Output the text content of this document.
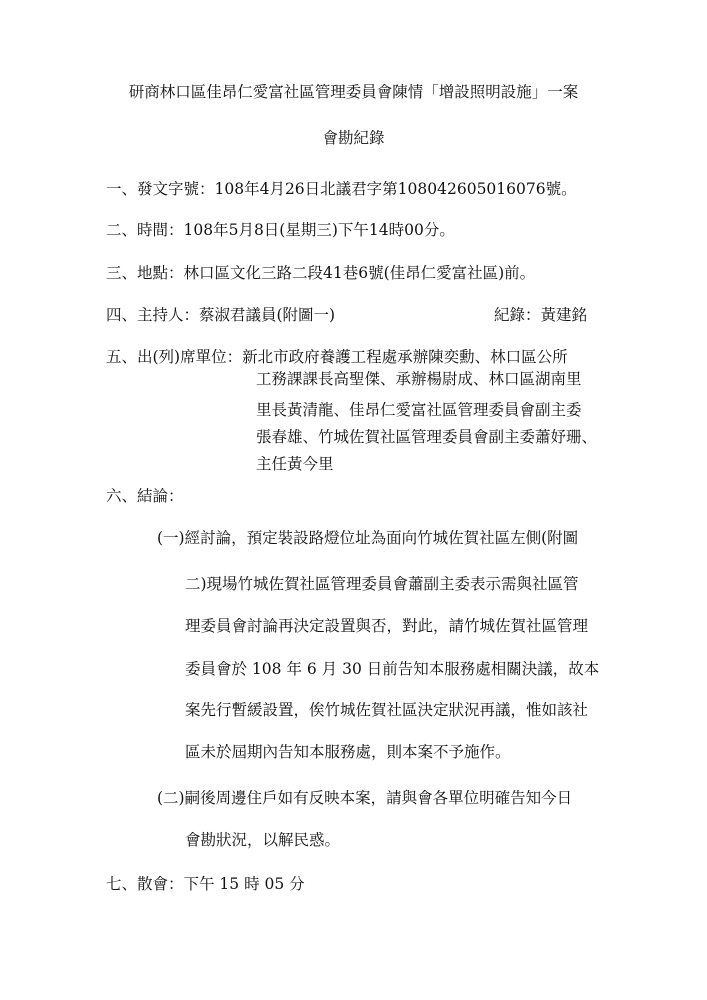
研商林口區佳昂仁愛富社區管理委員會陳情「增設照明設施」一案
會勘紀錄
一、發文字號：108年4月26日北議君字第108042605016076號。
二、時間：108年5月8日(星期三)下午14時00分。
三、地點：林口區文化三路二段41巷6號(佳昂仁愛富社區)前。
四、主持人：蔡淑君議員(附圖一)	紀錄：黃建銘
五、出(列)席單位：新北市政府養護工程處承辦陳奕勳、林口區公所
工務課課長高聖傑、承辦楊尉成、林口區湖南里
里長黃清龍、佳昂仁愛富社區管理委員會副主委
張春雄、竹城佐賀社區管理委員會副主委蕭妤珊、
主任黃今里
六、結論：
(一)經討論，預定裝設路燈位址為面向竹城佐賀社區左側(附圖
二)現場竹城佐賀社區管理委員會蕭副主委表示需與社區管
理委員會討論再決定設置與否，對此，請竹城佐賀社區管理
委員會於 108 年 6 月 30 日前告知本服務處相關決議，故本
案先行暫緩設置，俟竹城佐賀社區決定狀況再議，惟如該社
區未於屆期內告知本服務處，則本案不予施作。
(二)嗣後周邊住戶如有反映本案，請與會各單位明確告知今日
會勘狀況，以解民惑。
七、散會：下午 15 時 05 分
